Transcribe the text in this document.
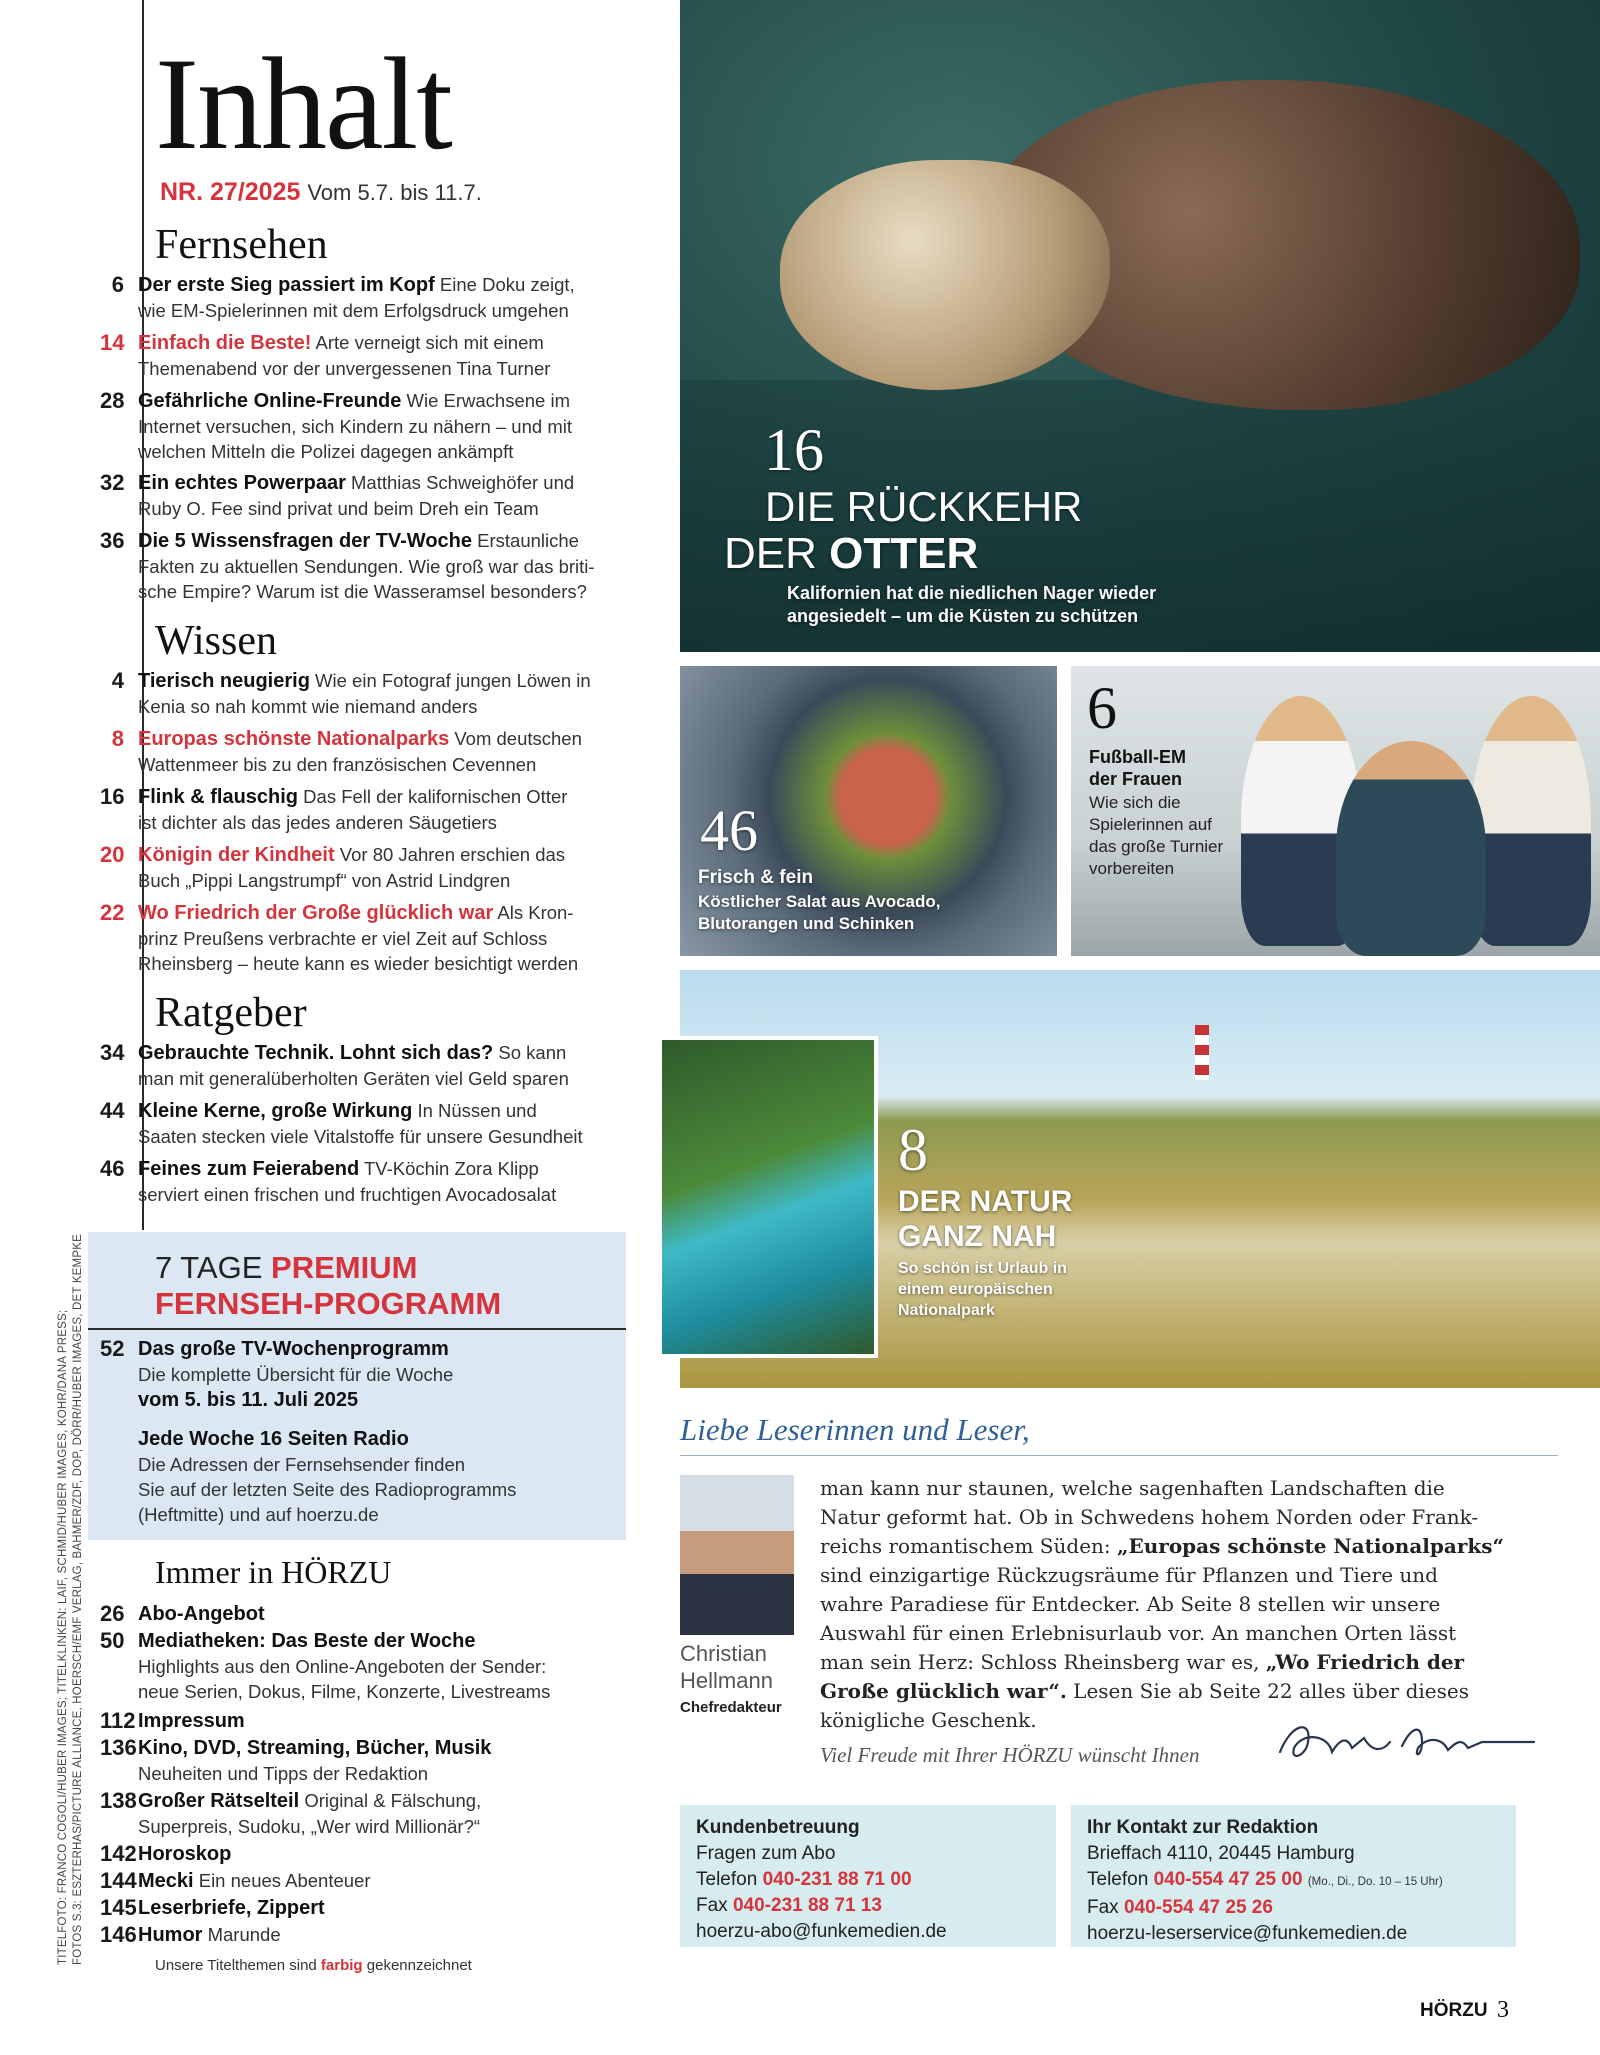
TITELFOTO: FRANCO COGOLI/HUBER IMAGES; TITELKLINKEN: LAIF, SCHMID/HUBER IMAGES, KOHR/DANA PRESS; FOTOS S.3: ESZTERHAS/PICTURE ALLIANCE, HOERSCH/EMF VERLAG, BAHMER/ZDF, DOP, DÖRR/HUBER IMAGES, DET KEMPKE
Inhalt
NR. 27/2025 Vom 5.7. bis 11.7.
Fernsehen
6 Der erste Sieg passiert im Kopf Eine Doku zeigt,
wie EM-Spielerinnen mit dem Erfolgsdruck umgehen
14 Einfach die Beste! Arte verneigt sich mit einem
Themenabend vor der unvergessenen Tina Turner
28 Gefährliche Online-Freunde Wie Erwachsene im
Internet versuchen, sich Kindern zu nähern – und mit
welchen Mitteln die Polizei dagegen ankämpft
32 Ein echtes Powerpaar Matthias Schweighöfer und
Ruby O. Fee sind privat und beim Dreh ein Team
36 Die 5 Wissensfragen der TV-Woche Erstaunliche
Fakten zu aktuellen Sendungen. Wie groß war das briti-
sche Empire? Warum ist die Wasseramsel besonders?
Wissen
4 Tierisch neugierig Wie ein Fotograf jungen Löwen in
Kenia so nah kommt wie niemand anders
8 Europas schönste Nationalparks Vom deutschen
Wattenmeer bis zu den französischen Cevennen
16 Flink & flauschig Das Fell der kalifornischen Otter
ist dichter als das jedes anderen Säugetiers
20 Königin der Kindheit Vor 80 Jahren erschien das
Buch „Pippi Langstrumpf“ von Astrid Lindgren
22 Wo Friedrich der Große glücklich war Als Kron-
prinz Preußens verbrachte er viel Zeit auf Schloss
Rheinsberg – heute kann es wieder besichtigt werden
Ratgeber
34 Gebrauchte Technik. Lohnt sich das? So kann
man mit generalüberholten Geräten viel Geld sparen
44 Kleine Kerne, große Wirkung In Nüssen und
Saaten stecken viele Vitalstoffe für unsere Gesundheit
46 Feines zum Feierabend TV-Köchin Zora Klipp
serviert einen frischen und fruchtigen Avocadosalat
7 TAGE PREMIUM
FERNSEH-PROGRAMM
52 Das große TV-Wochenprogramm
Die komplette Übersicht für die Woche
vom 5. bis 11. Juli 2025
Jede Woche 16 Seiten Radio
Die Adressen der Fernsehsender finden
Sie auf der letzten Seite des Radioprogramms
(Heftmitte) und auf hoerzu.de
Immer in HÖRZU
26 Abo-Angebot
50 Mediatheken: Das Beste der Woche
Highlights aus den Online-Angeboten der Sender:
neue Serien, Dokus, Filme, Konzerte, Livestreams
112 Impressum
136 Kino, DVD, Streaming, Bücher, Musik
Neuheiten und Tipps der Redaktion
138 Großer Rätselteil Original & Fälschung,
Superpreis, Sudoku, „Wer wird Millionär?“
142 Horoskop
144 Mecki Ein neues Abenteuer
145 Leserbriefe, Zippert
146 Humor Marunde
Unsere Titelthemen sind farbig gekennzeichnet
16
DIE RÜCKKEHR
DER OTTER
Kalifornien hat die niedlichen Nager wieder
angesiedelt – um die Küsten zu schützen
46
Frisch & fein
Köstlicher Salat aus Avocado,
Blutorangen und Schinken
6
Fußball-EM
der Frauen
Wie sich die
Spielerinnen auf
das große Turnier
vorbereiten
8
DER NATUR
GANZ NAH
So schön ist Urlaub in
einem europäischen
Nationalpark
Liebe Leserinnen und Leser,
Christian
Hellmann
Chefredakteur
man kann nur staunen, welche sagenhaften Landschaften die
Natur geformt hat. Ob in Schwedens hohem Norden oder Frank-
reichs romantischem Süden: „Europas schönste Nationalparks“
sind einzigartige Rückzugsräume für Pflanzen und Tiere und
wahre Paradiese für Entdecker. Ab Seite 8 stellen wir unsere
Auswahl für einen Erlebnisurlaub vor. An manchen Orten lässt
man sein Herz: Schloss Rheinsberg war es, „Wo Friedrich der
Große glücklich war“. Lesen Sie ab Seite 22 alles über dieses
königliche Geschenk.
Viel Freude mit Ihrer HÖRZU wünscht Ihnen
Kundenbetreuung
Fragen zum Abo
Telefon 040-231 88 71 00
Fax 040-231 88 71 13
hoerzu-abo@funkemedien.de
Ihr Kontakt zur Redaktion
Brieffach 4110, 20445 Hamburg
Telefon 040-554 47 25 00 (Mo., Di., Do. 10 – 15 Uhr)
Fax 040-554 47 25 26
hoerzu-leserservice@funkemedien.de
HÖRZU 3
